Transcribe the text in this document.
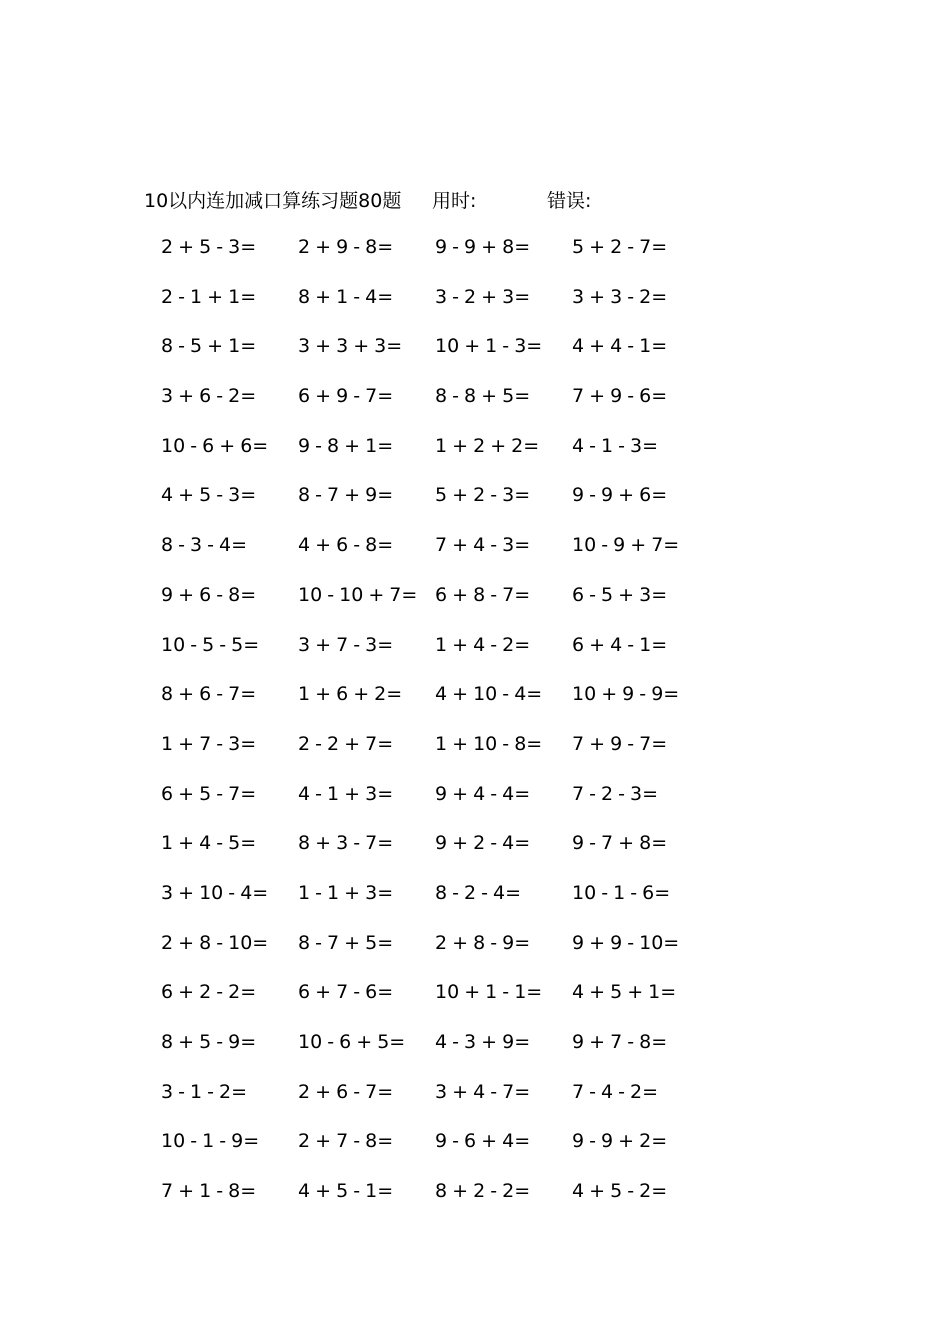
10以内连加减口算练习题80题 用时:	错误:
2 + 5 - 3= 2 + 9 - 8= 9 - 9 + 8= 5 + 2 - 7=
2 - 1 + 1= 8 + 1 - 4= 3 - 2 + 3= 3 + 3 - 2=
8 - 5 + 1= 3 + 3 + 3= 10 + 1 - 3= 4 + 4 - 1=
3 + 6 - 2= 6 + 9 - 7= 8 - 8 + 5= 7 + 9 - 6=
10 - 6 + 6= 9 - 8 + 1= 1 + 2 + 2= 4 - 1 - 3=
4 + 5 - 3= 8 - 7 + 9= 5 + 2 - 3= 9 - 9 + 6=
8 - 3 - 4=	4 + 6 - 8= 7 + 4 - 3= 10 - 9 + 7=
9 + 6 - 8= 10 - 10 + 7= 6 + 8 - 7= 6 - 5 + 3=
10 - 5 - 5= 3 + 7 - 3= 1 + 4 - 2= 6 + 4 - 1=
8 + 6 - 7= 1 + 6 + 2= 4 + 10 - 4= 10 + 9 - 9=
1 + 7 - 3= 2 - 2 + 7= 1 + 10 - 8= 7 + 9 - 7=
6 + 5 - 7= 4 - 1 + 3= 9 + 4 - 4= 7 - 2 - 3=
1 + 4 - 5= 8 + 3 - 7= 9 + 2 - 4= 9 - 7 + 8=
3 + 10 - 4= 1 - 1 + 3= 8 - 2 - 4=	10 - 1 - 6=
2 + 8 - 10= 8 - 7 + 5= 2 + 8 - 9= 9 + 9 - 10=
6 + 2 - 2= 6 + 7 - 6= 10 + 1 - 1= 4 + 5 + 1=
8 + 5 - 9= 10 - 6 + 5= 4 - 3 + 9= 9 + 7 - 8=
3 - 1 - 2=	2 + 6 - 7= 3 + 4 - 7= 7 - 4 - 2=
10 - 1 - 9= 2 + 7 - 8= 9 - 6 + 4= 9 - 9 + 2=
7 + 1 - 8= 4 + 5 - 1= 8 + 2 - 2= 4 + 5 - 2=
